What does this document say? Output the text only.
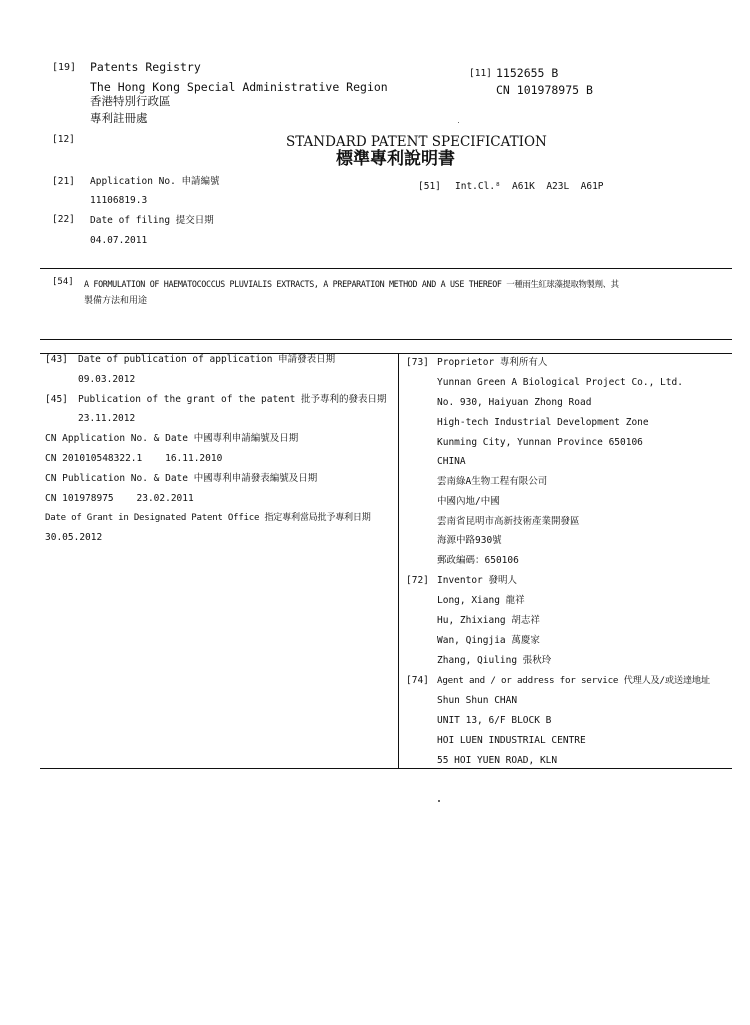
[19] Patents Registry
The Hong Kong Special Administrative Region
香港特別行政區
專利註冊處
[11] 1152655 B
CN 101978975 B
[12]	STANDARD PATENT SPECIFICATION
標準專利說明書
[21] Application No. 申請編號
11106819.3
[22] Date of filing 提交日期
04.07.2011
[51] Int.Cl.⁸ A61K  A23L  A61P
[54] A FORMULATION OF HAEMATOCOCCUS PLUVIALIS EXTRACTS, A PREPARATION METHOD AND A USE THEREOF 一種雨生紅球藻提取物製劑、其
製備方法和用途
[43] Date of publication of application 申請發表日期
09.03.2012
[45] Publication of the grant of the patent 批予專利的發表日期
23.11.2012
CN Application No. & Date 中國專利申請編號及日期
CN 201010548322.1    16.11.2010
CN Publication No. & Date 中國專利申請發表編號及日期
CN 101978975    23.02.2011
Date of Grant in Designated Patent Office 指定專利當局批予專利日期
30.05.2012
[73] Proprietor 專利所有人
Yunnan Green A Biological Project Co., Ltd.
No. 930, Haiyuan Zhong Road
High-tech Industrial Development Zone
Kunming City, Yunnan Province 650106
CHINA
雲南綠A生物工程有限公司
中國內地/中國
雲南省昆明市高新技術產業開發區
海源中路930號
郵政編碼：650106
[72] Inventor 發明人
Long, Xiang 龍祥
Hu, Zhixiang 胡志祥
Wan, Qingjia 萬慶家
Zhang, Qiuling 張秋玲
[74] Agent and / or address for service 代理人及/或送達地址
Shun Shun CHAN
UNIT 13, 6/F BLOCK B
HOI LUEN INDUSTRIAL CENTRE
55 HOI YUEN ROAD, KLN
